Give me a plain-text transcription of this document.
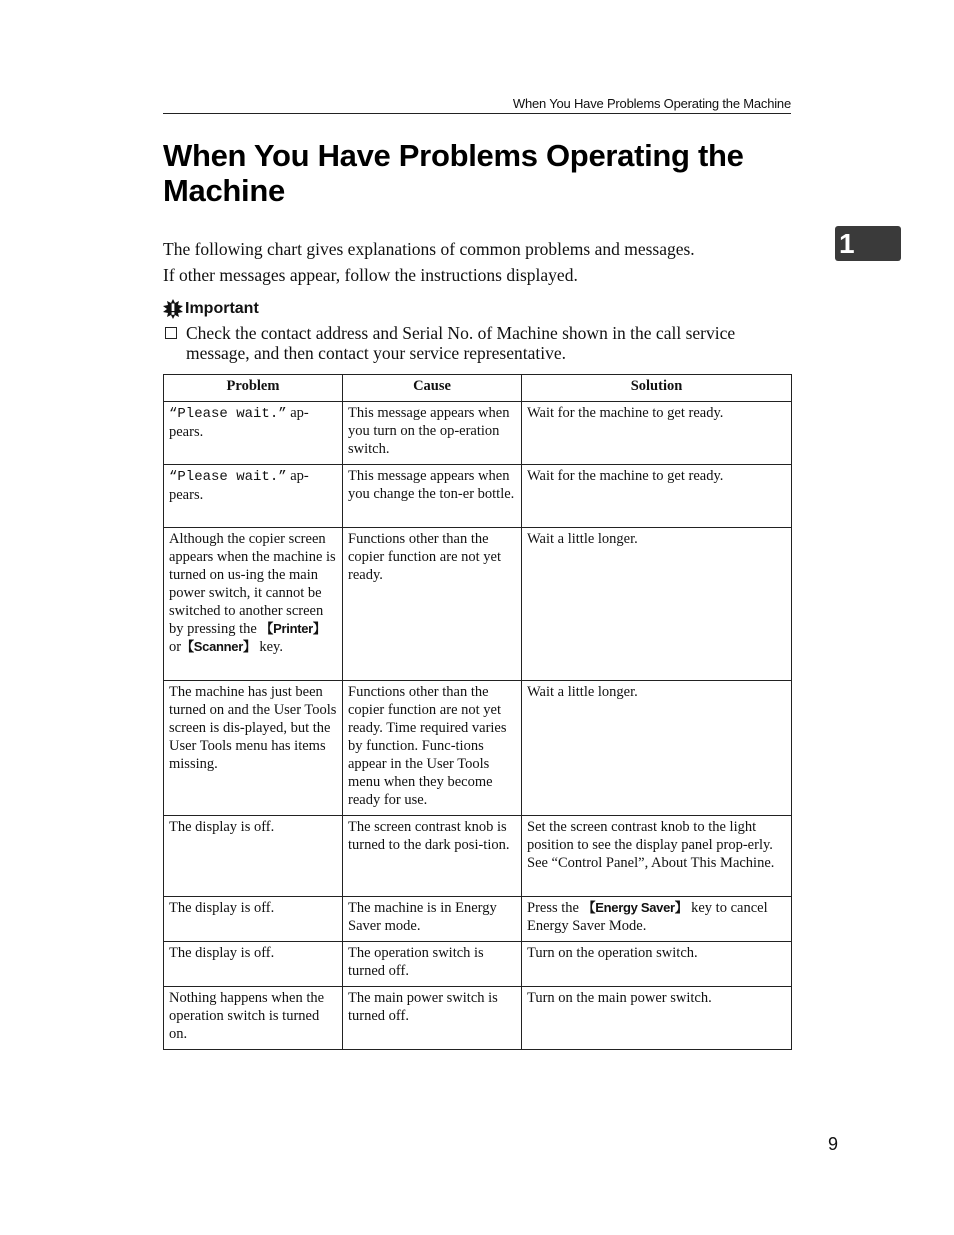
When You Have Problems Operating the Machine
When You Have Problems Operating the Machine
1

The following chart gives explanations of common problems and messages.

If other messages appear, follow the instructions displayed.

Important
Check the contact address and Serial No. of Machine shown in the call service message, and then contact your service representative.
Problem	Cause	Solution
“Please wait.” ap-pears.	This message appears when you turn on the op-eration switch.	Wait for the machine to get ready.
“Please wait.” ap-pears.	This message appears when you change the ton-er bottle.	Wait for the machine to get ready.
Although the copier screen appears when the machine is turned on us-ing the main power switch, it cannot be switched to another screen by pressing the 【Printer】or【Scanner】 key.	Functions other than the copier function are not yet ready.	Wait a little longer.
The machine has just been turned on and the User Tools screen is dis-played, but the User Tools menu has items missing.	Functions other than the copier function are not yet ready. Time required varies by function. Func-tions appear in the User Tools menu when they become ready for use.	Wait a little longer.
The display is off.	The screen contrast knob is turned to the dark posi-tion.	Set the screen contrast knob to the light position to see the display panel prop-erly. See “Control Panel”, About This Machine.
The display is off.	The machine is in Energy Saver mode.	Press the 【Energy Saver】 key to cancel Energy Saver Mode.
The display is off.	The operation switch is turned off.	Turn on the operation switch.
Nothing happens when the operation switch is turned on.	The main power switch is turned off.	Turn on the main power switch.
9
